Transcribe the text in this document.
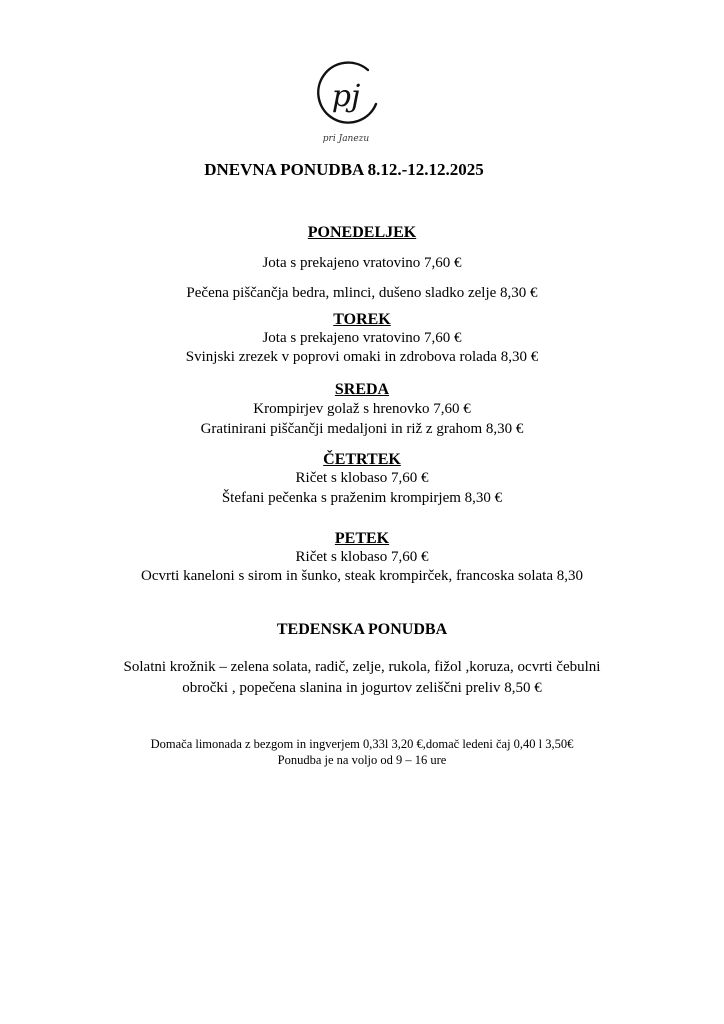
pj
pri Janezu
DNEVNA PONUDBA 8.12.-12.12.2025
PONEDELJEK
Jota s prekajeno vratovino 7,60 €
Pečena piščančja bedra, mlinci, dušeno sladko zelje 8,30 €
TOREK
Jota s prekajeno vratovino 7,60 €
Svinjski zrezek v poprovi omaki in zdrobova rolada 8,30 €
SREDA
Krompirjev golaž s hrenovko 7,60 €
Gratinirani piščančji medaljoni in riž z grahom 8,30 €
ČETRTEK
Ričet s klobaso 7,60 €
Štefani pečenka s praženim krompirjem 8,30 €
PETEK
Ričet s klobaso 7,60 €
Ocvrti kaneloni s sirom in šunko, steak krompirček, francoska solata 8,30
TEDENSKA PONUDBA
Solatni krožnik – zelena solata, radič, zelje, rukola, fižol ,koruza, ocvrti čebulni
obročki , popečena slanina in jogurtov zeliščni preliv 8,50 €
Domača limonada z bezgom in ingverjem 0,33l 3,20 €,domač ledeni čaj 0,40 l 3,50€
Ponudba je na voljo od 9 – 16 ure
